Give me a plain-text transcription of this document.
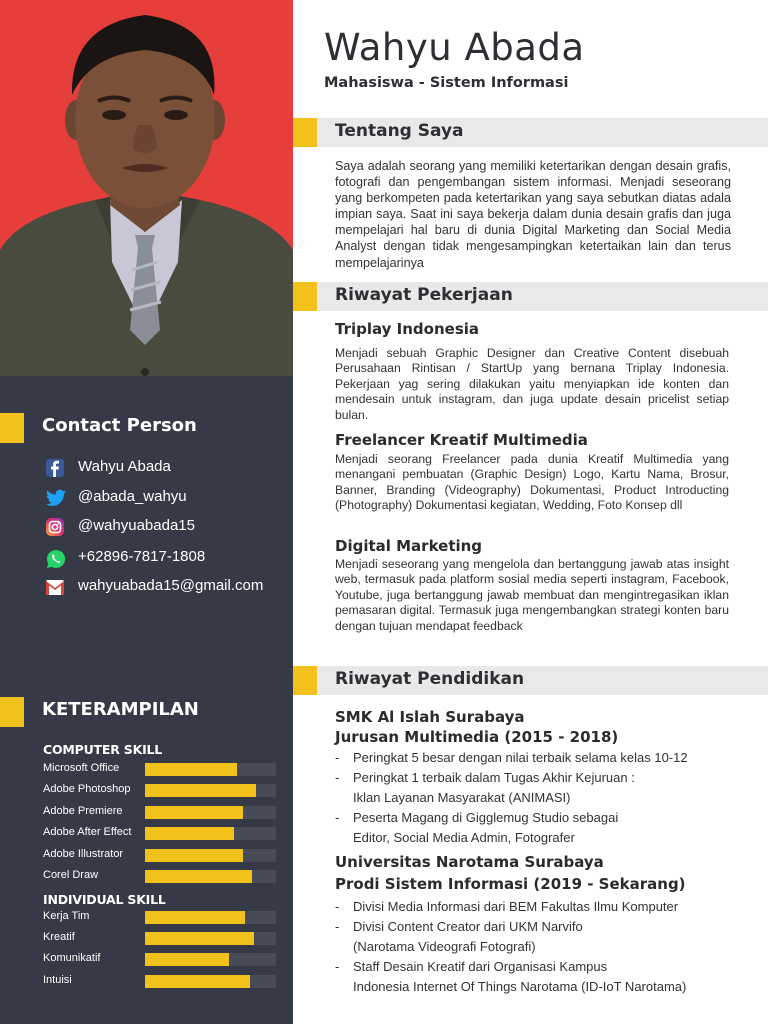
Contact Person
Wahyu Abada
@abada_wahyu
@wahyuabada15
+62896-7817-1808
wahyuabada15@gmail.com
KETERAMPILAN
COMPUTER SKILL
Microsoft Office
Adobe Photoshop
Adobe Premiere
Adobe After Effect
Adobe Illustrator
Corel Draw
INDIVIDUAL SKILL
Kerja Tim
Kreatif
Komunikatif
Intuisi
Wahyu Abada
Mahasiswa - Sistem Informasi
Tentang Saya
Saya adalah seorang yang memiliki ketertarikan dengan desain grafis, fotografi dan pengembangan sistem informasi. Menjadi seseorang yang berkompeten pada ketertarikan yang saya sebutkan diatas adala impian saya. Saat ini saya bekerja dalam dunia desain grafis dan juga mempelajari hal baru di dunia Digital Marketing dan Social Media Analyst dengan tidak mengesampingkan ketertaikan lain dan terus mempelajarinya
Riwayat Pekerjaan
Triplay Indonesia
Menjadi sebuah Graphic Designer dan Creative Content disebuah Perusahaan Rintisan / StartUp yang bernana Triplay Indonesia. Pekerjaan yag sering dilakukan yaitu menyiapkan ide konten dan mendesain untuk instagram, dan juga update desain pricelist setiap bulan.
Freelancer Kreatif Multimedia
Menjadi seorang Freelancer pada dunia Kreatif Multimedia yang menangani pembuatan (Graphic Design) Logo, Kartu Nama, Brosur, Banner, Branding (Videography) Dokumentasi, Product Introducting (Photography) Dokumentasi kegiatan, Wedding, Foto Konsep dll
Digital Marketing
Menjadi seseorang yang mengelola dan bertanggung jawab atas insight web, termasuk pada platform sosial media seperti instagram, Facebook, Youtube, juga bertanggung jawab membuat dan mengintregasikan iklan pemasaran digital. Termasuk juga mengembangkan strategi konten baru dengan tujuan mendapat feedback
Riwayat Pendidikan
SMK Al Islah Surabaya
Jurusan Multimedia (2015 - 2018)
- Peringkat 5 besar dengan nilai terbaik selama kelas 10-12
- Peringkat 1 terbaik dalam Tugas Akhir Kejuruan :
Iklan Layanan Masyarakat (ANIMASI)
- Peserta Magang di Gigglemug Studio sebagai
Editor, Social Media Admin, Fotografer
Universitas Narotama Surabaya
Prodi Sistem Informasi (2019 - Sekarang)
- Divisi Media Informasi dari BEM Fakultas Ilmu Komputer
- Divisi Content Creator dari UKM Narvifo
(Narotama Videografi Fotografi)
- Staff Desain Kreatif dari Organisasi Kampus
Indonesia Internet Of Things Narotama (ID-IoT Narotama)
